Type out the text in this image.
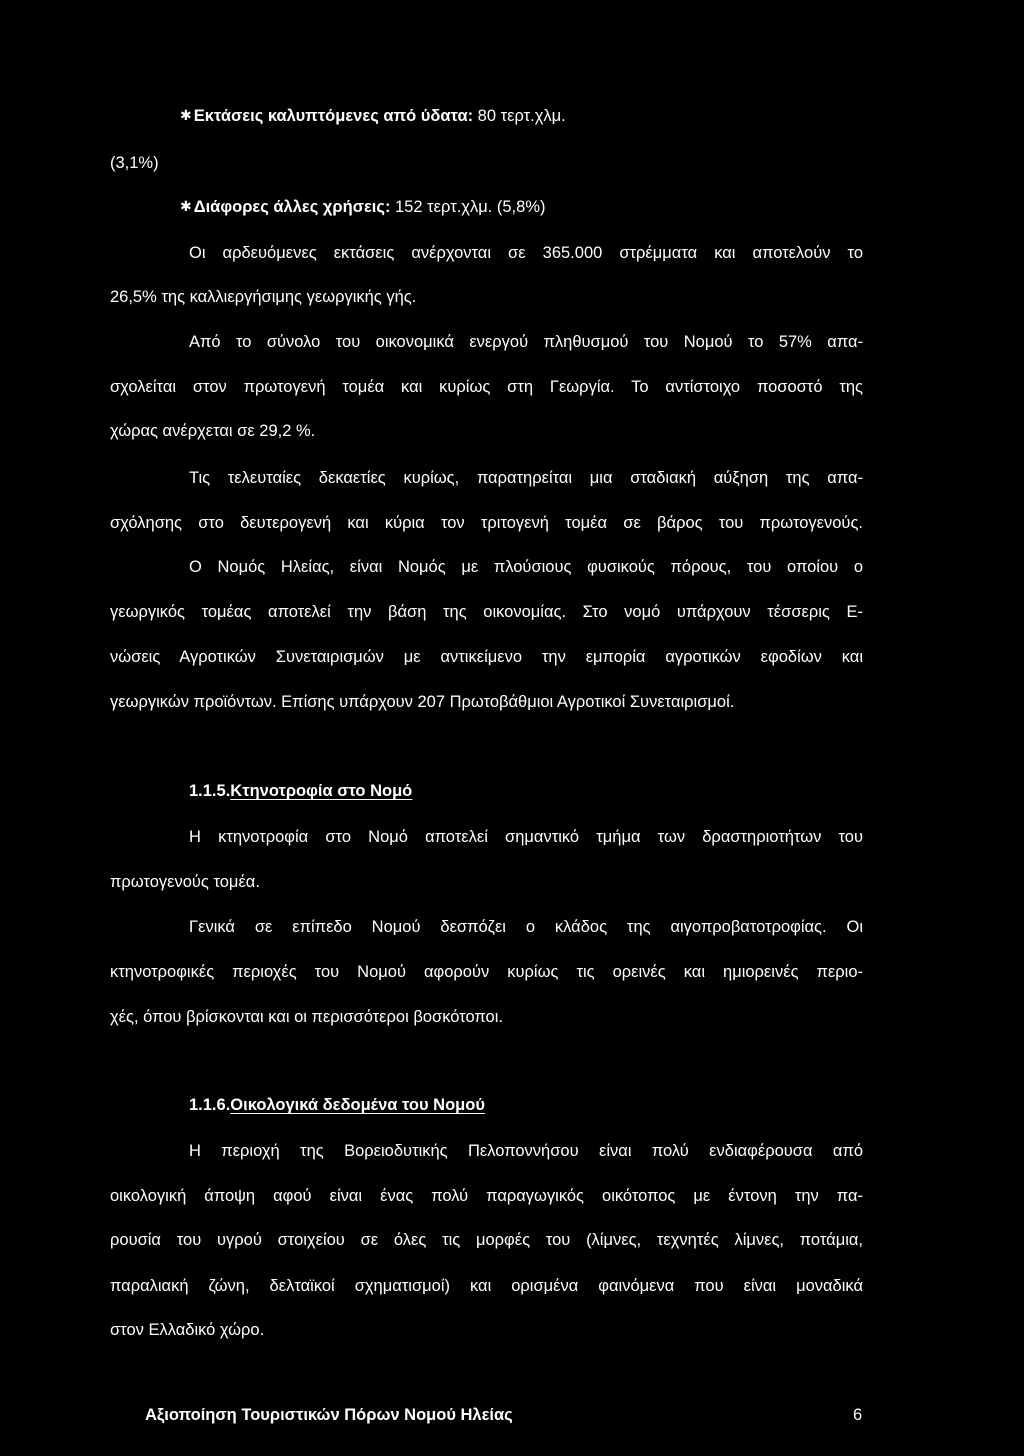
✱ Εκτάσεις καλυπτόμενες από ύδατα: 80 τερτ.χλμ.

(3,1%)

✱ Διάφορες άλλες χρήσεις: 152 τερτ.χλμ. (5,8%)

Οι αρδευόμενες εκτάσεις ανέρχονται σε 365.000 στρέμματα και αποτελούν το

26,5% της καλλιεργήσιμης γεωργικής γής.

Από το σύνολο του οικονομικά ενεργού πληθυσμού του Νομού το 57% απα-

σχολείται στον πρωτογενή τομέα και κυρίως στη Γεωργία. Το αντίστοιχο ποσοστό της

χώρας ανέρχεται σε 29,2 %.

Τις τελευταίες δεκαετίες κυρίως, παρατηρείται μια σταδιακή αύξηση της απα-

σχόλησης στο δευτερογενή και κύρια τον τριτογενή τομέα σε βάρος του πρωτογενούς.

Ο Νομός Ηλείας, είναι Νομός με πλούσιους φυσικούς πόρους, του οποίου ο

γεωργικός τομέας αποτελεί την βάση της οικονομίας. Στο νομό υπάρχουν τέσσερις Ε-

νώσεις Αγροτικών Συνεταιρισμών με αντικείμενο την εμπορία αγροτικών εφοδίων και

γεωργικών προϊόντων. Επίσης υπάρχουν 207 Πρωτοβάθμιοι Αγροτικοί Συνεταιρισμοί.

1.1.5.Κτηνοτροφία στο Νομό

Η κτηνοτροφία στο Νομό αποτελεί σημαντικό τμήμα των δραστηριοτήτων του

πρωτογενούς τομέα.

Γενικά σε επίπεδο Νομού δεσπόζει ο κλάδος της αιγοπροβατοτροφίας. Οι

κτηνοτροφικές περιοχές του Νομού αφορούν κυρίως τις ορεινές και ημιορεινές περιο-

χές, όπου βρίσκονται και οι περισσότεροι βοσκότοποι.

1.1.6.Οικολογικά δεδομένα του Νομού

Η περιοχή της Βορειοδυτικής Πελοποννήσου είναι πολύ ενδιαφέρουσα από

οικολογική άποψη αφού είναι ένας πολύ παραγωγικός οικότοπος με έντονη την πα-

ρουσία του υγρού στοιχείου σε όλες τις μορφές του (λίμνες, τεχνητές λίμνες, ποτάμια,

παραλιακή ζώνη, δελταϊκοί σχηματισμοί) και ορισμένα φαινόμενα που είναι μοναδικά

στον Ελλαδικό χώρο.

Αξιοποίηση Τουριστικών Πόρων Νομού Ηλείας	6
